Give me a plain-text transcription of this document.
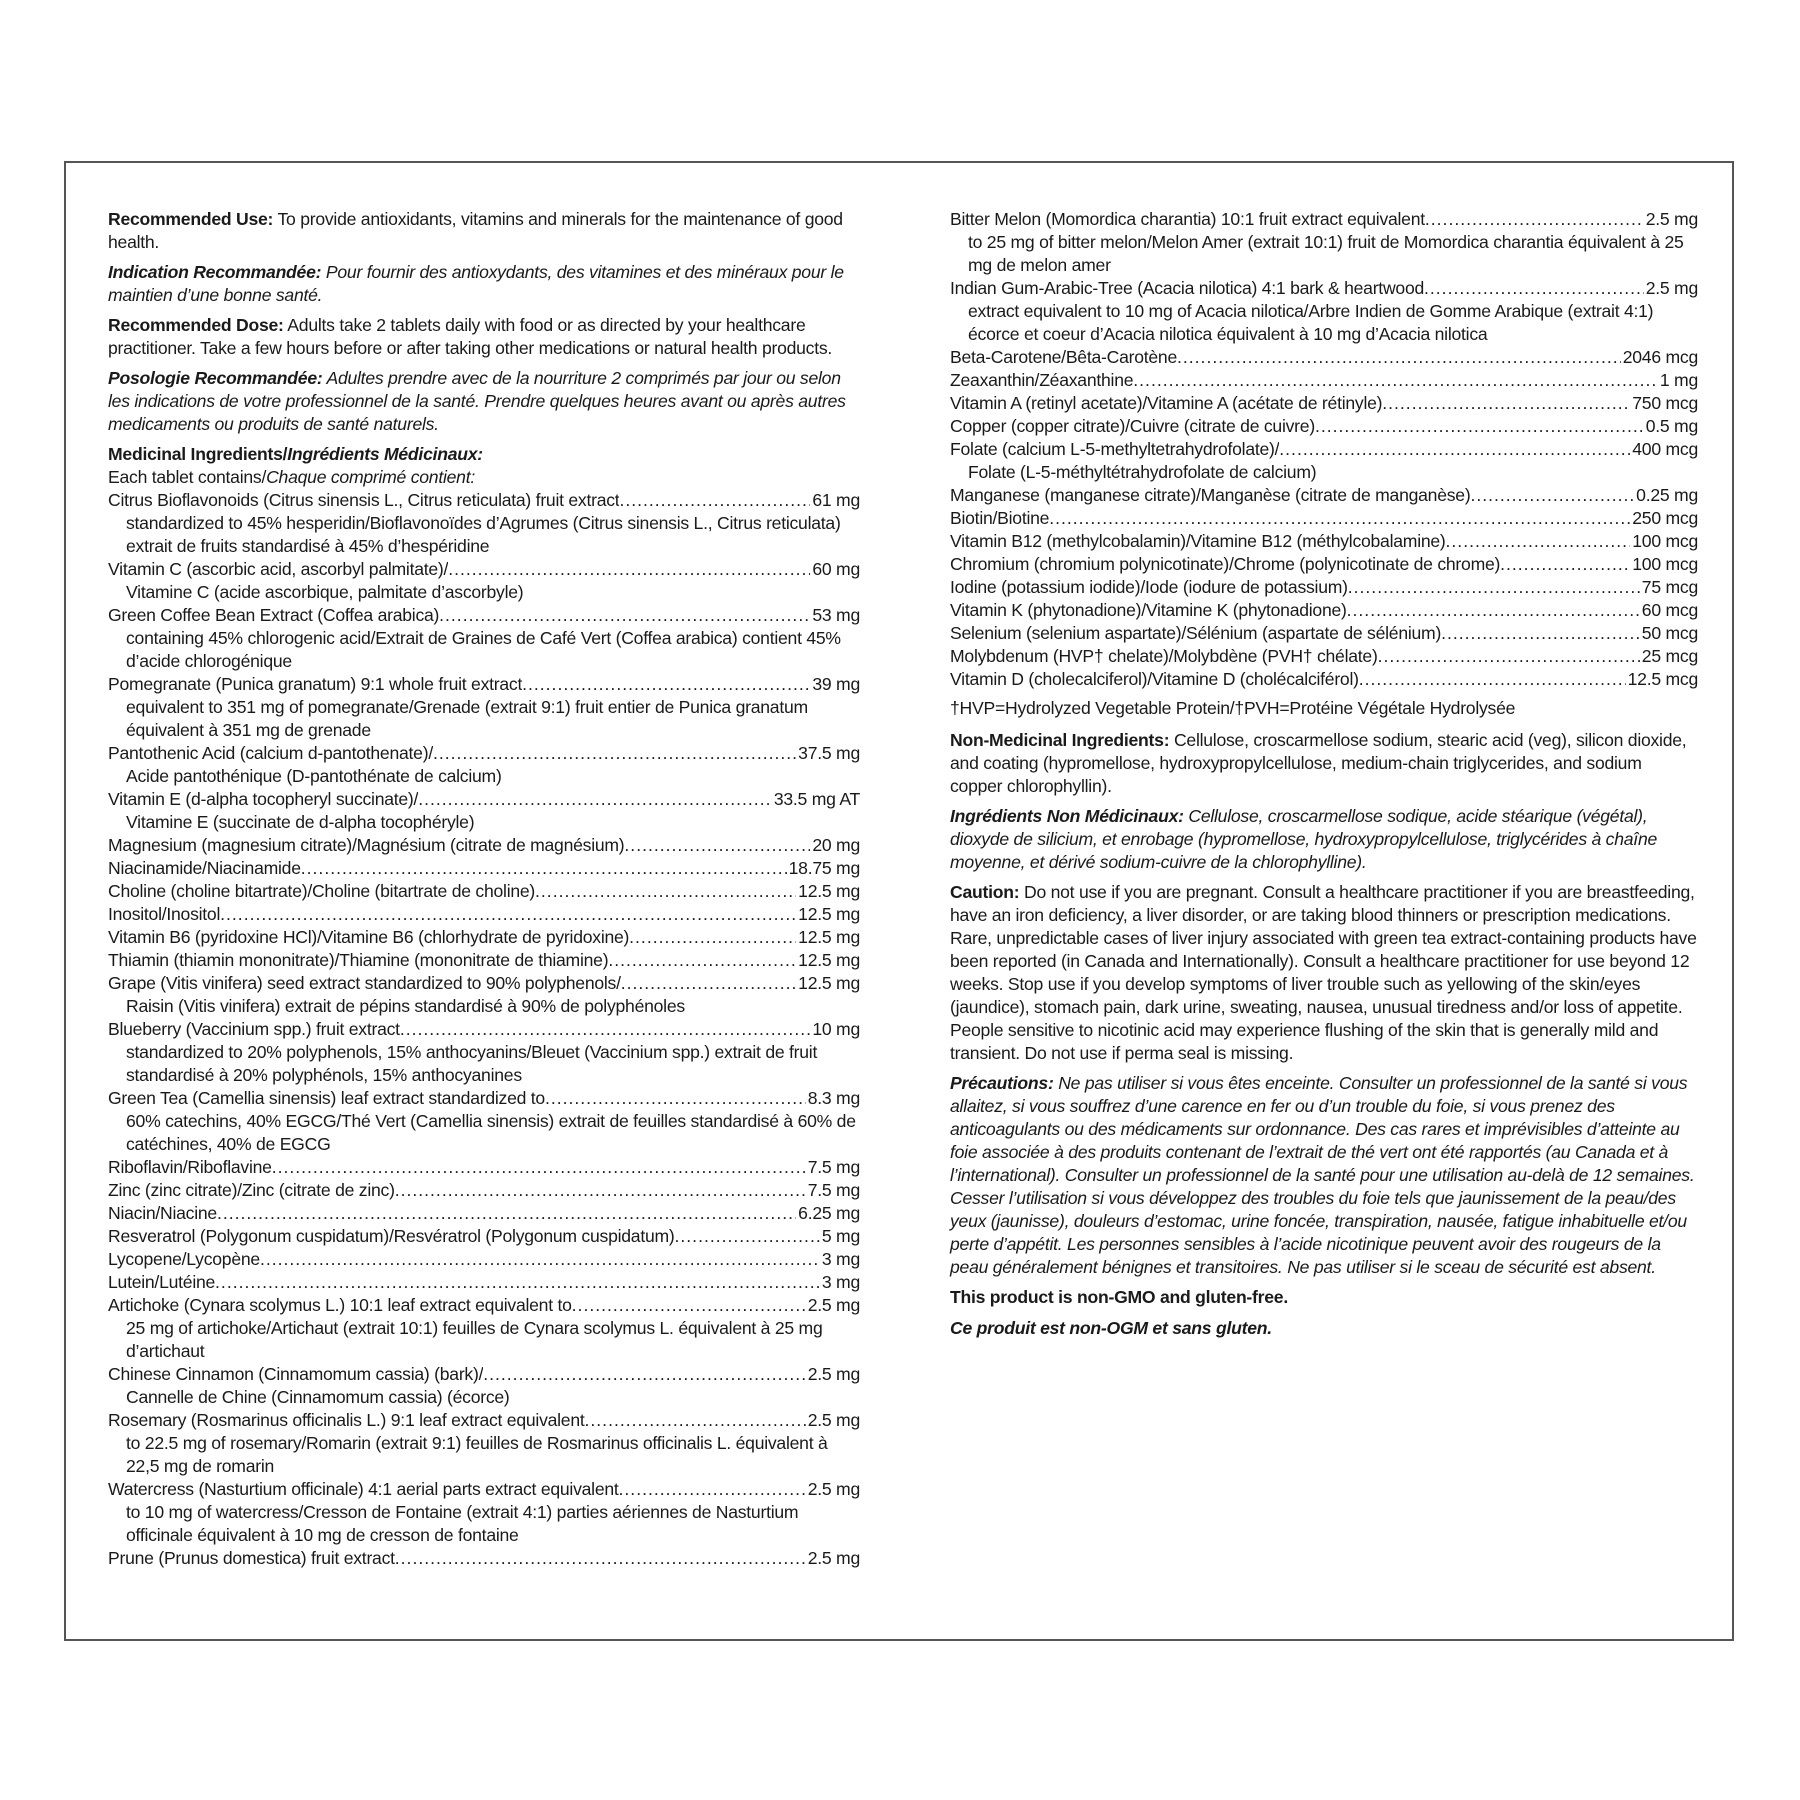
Recommended Use: To provide antioxidants, vitamins and minerals for the maintenance of good health.

Indication Recommandée: Pour fournir des antioxydants, des vitamines et des minéraux pour le maintien d’une bonne santé.

Recommended Dose: Adults take 2 tablets daily with food or as directed by your healthcare practitioner. Take a few hours before or after taking other medications or natural health products.

Posologie Recommandée: Adultes prendre avec de la nourriture 2 comprimés par jour ou selon les indications de votre professionnel de la santé. Prendre quelques heures avant ou après autres medicaments ou produits de santé naturels.

Medicinal Ingredients/Ingrédients Médicinaux:
Each tablet contains/Chaque comprimé contient:
Citrus Bioflavonoids (Citrus sinensis L., Citrus reticulata) fruit extract .....	61 mg
standardized to 45% hesperidin/Bioflavonoïdes d’Agrumes (Citrus sinensis L., Citrus reticulata) extrait de fruits standardisé à 45% d’hespéridine
Vitamin C (ascorbic acid, ascorbyl palmitate)/ .....	60 mg
Vitamine C (acide ascorbique, palmitate d’ascorbyle)
Green Coffee Bean Extract (Coffea arabica) .....	53 mg
containing 45% chlorogenic acid/Extrait de Graines de Café Vert (Coffea arabica) contient 45% d’acide chlorogénique
Pomegranate (Punica granatum) 9:1 whole fruit extract .....	39 mg
equivalent to 351 mg of pomegranate/Grenade (extrait 9:1) fruit entier de Punica granatum équivalent à 351 mg de grenade
Pantothenic Acid (calcium d-pantothenate)/ .....	37.5 mg
Acide pantothénique (D-pantothénate de calcium)
Vitamin E (d-alpha tocopheryl succinate)/ .....	33.5 mg AT
Vitamine E (succinate de d-alpha tocophéryle)
Magnesium (magnesium citrate)/Magnésium (citrate de magnésium) .....	20 mg
Niacinamide/Niacinamide .....	18.75 mg
Choline (choline bitartrate)/Choline (bitartrate de choline) .....	12.5 mg
Inositol/Inositol .....	12.5 mg
Vitamin B6 (pyridoxine HCl)/Vitamine B6 (chlorhydrate de pyridoxine) .....	12.5 mg
Thiamin (thiamin mononitrate)/Thiamine (mononitrate de thiamine) .....	12.5 mg
Grape (Vitis vinifera) seed extract standardized to 90% polyphenols/ .....	12.5 mg
Raisin (Vitis vinifera) extrait de pépins standardisé à 90% de polyphénoles
Blueberry (Vaccinium spp.) fruit extract .....	10 mg
standardized to 20% polyphenols, 15% anthocyanins/Bleuet (Vaccinium spp.) extrait de fruit standardisé à 20% polyphénols, 15% anthocyanines
Green Tea (Camellia sinensis) leaf extract standardized to .....	8.3 mg
60% catechins, 40% EGCG/Thé Vert (Camellia sinensis) extrait de feuilles standardisé à 60% de catéchines, 40% de EGCG
Riboflavin/Riboflavine .....	7.5 mg
Zinc (zinc citrate)/Zinc (citrate de zinc) .....	7.5 mg
Niacin/Niacine .....	6.25 mg
Resveratrol (Polygonum cuspidatum)/Resvératrol (Polygonum cuspidatum) .....	5 mg
Lycopene/Lycopène .....	3 mg
Lutein/Lutéine .....	3 mg
Artichoke (Cynara scolymus L.) 10:1 leaf extract equivalent to .....	2.5 mg
25 mg of artichoke/Artichaut (extrait 10:1) feuilles de Cynara scolymus L. équivalent à 25 mg d’artichaut
Chinese Cinnamon (Cinnamomum cassia) (bark)/ .....	2.5 mg
Cannelle de Chine (Cinnamomum cassia) (écorce)
Rosemary (Rosmarinus officinalis L.) 9:1 leaf extract equivalent .....	2.5 mg
to 22.5 mg of rosemary/Romarin (extrait 9:1) feuilles de Rosmarinus officinalis L. équivalent à 22,5 mg de romarin
Watercress (Nasturtium officinale) 4:1 aerial parts extract equivalent .....	2.5 mg
to 10 mg of watercress/Cresson de Fontaine (extrait 4:1) parties aériennes de Nasturtium officinale équivalent à 10 mg de cresson de fontaine
Prune (Prunus domestica) fruit extract .....	2.5 mg
Bitter Melon (Momordica charantia) 10:1 fruit extract equivalent .....	2.5 mg
to 25 mg of bitter melon/Melon Amer (extrait 10:1) fruit de Momordica charantia équivalent à 25 mg de melon amer
Indian Gum-Arabic-Tree (Acacia nilotica) 4:1 bark & heartwood .....	2.5 mg
extract equivalent to 10 mg of Acacia nilotica/Arbre Indien de Gomme Arabique (extrait 4:1) écorce et coeur d’Acacia nilotica équivalent à 10 mg d’Acacia nilotica
Beta-Carotene/Bêta-Carotène .....	2046 mcg
Zeaxanthin/Zéaxanthine .....	1 mg
Vitamin A (retinyl acetate)/Vitamine A (acétate de rétinyle) .....	750 mcg
Copper (copper citrate)/Cuivre (citrate de cuivre) .....	0.5 mg
Folate (calcium L-5-methyltetrahydrofolate)/ .....	400 mcg
Folate (L-5-méthyltétrahydrofolate de calcium)
Manganese (manganese citrate)/Manganèse (citrate de manganèse) .....	0.25 mg
Biotin/Biotine .....	250 mcg
Vitamin B12 (methylcobalamin)/Vitamine B12 (méthylcobalamine) .....	100 mcg
Chromium (chromium polynicotinate)/Chrome (polynicotinate de chrome) .....	100 mcg
Iodine (potassium iodide)/Iode (iodure de potassium) .....	75 mcg
Vitamin K (phytonadione)/Vitamine K (phytonadione) .....	60 mcg
Selenium (selenium aspartate)/Sélénium (aspartate de sélénium) .....	50 mcg
Molybdenum (HVP† chelate)/Molybdène (PVH† chélate) .....	25 mcg
Vitamin D (cholecalciferol)/Vitamine D (cholécalciférol) .....	12.5 mcg

†HVP=Hydrolyzed Vegetable Protein/†PVH=Protéine Végétale Hydrolysée

Non-Medicinal Ingredients: Cellulose, croscarmellose sodium, stearic acid (veg), silicon dioxide, and coating (hypromellose, hydroxypropylcellulose, medium-chain triglycerides, and sodium copper chlorophyllin).

Ingrédients Non Médicinaux: Cellulose, croscarmellose sodique, acide stéarique (végétal), dioxyde de silicium, et enrobage (hypromellose, hydroxypropylcellulose, triglycérides à chaîne moyenne, et dérivé sodium-cuivre de la chlorophylline).

Caution: Do not use if you are pregnant. Consult a healthcare practitioner if you are breastfeeding, have an iron deficiency, a liver disorder, or are taking blood thinners or prescription medications. Rare, unpredictable cases of liver injury associated with green tea extract-containing products have been reported (in Canada and Internationally). Consult a healthcare practitioner for use beyond 12 weeks. Stop use if you develop symptoms of liver trouble such as yellowing of the skin/eyes (jaundice), stomach pain, dark urine, sweating, nausea, unusual tiredness and/or loss of appetite. People sensitive to nicotinic acid may experience flushing of the skin that is generally mild and transient. Do not use if perma seal is missing.

Précautions: Ne pas utiliser si vous êtes enceinte. Consulter un professionnel de la santé si vous allaitez, si vous souffrez d’une carence en fer ou d’un trouble du foie, si vous prenez des anticoagulants ou des médicaments sur ordonnance. Des cas rares et imprévisibles d’atteinte au foie associée à des produits contenant de l’extrait de thé vert ont été rapportés (au Canada et à l’international). Consulter un professionnel de la santé pour une utilisation au-delà de 12 semaines. Cesser l’utilisation si vous développez des troubles du foie tels que jaunissement de la peau/des yeux (jaunisse), douleurs d’estomac, urine foncée, transpiration, nausée, fatigue inhabituelle et/ou perte d’appétit. Les personnes sensibles à l’acide nicotinique peuvent avoir des rougeurs de la peau généralement bénignes et transitoires. Ne pas utiliser si le sceau de sécurité est absent.

This product is non-GMO and gluten-free.

Ce produit est non-OGM et sans gluten.
